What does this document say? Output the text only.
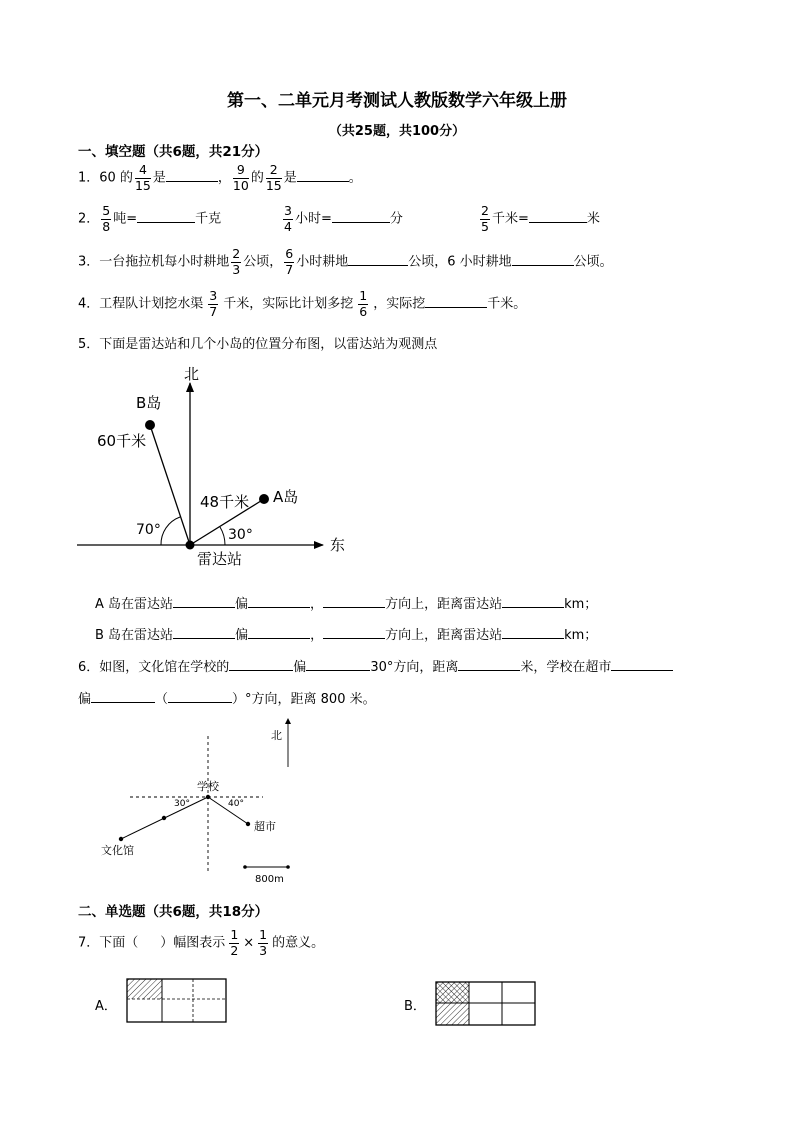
第一、二单元月考测试人教版数学六年级上册
（共25题，共100分）
一、填空题（共6题，共21分）
1．60 的 $\frac{4}{15}$ 是	， $\frac{9}{10}$ 的 $\frac{2}{15}$ 是	。
2． $\frac{5}{8}$ 吨=	千克	$\frac{3}{4}$ 小时=	分	$\frac{2}{5}$ 千米=	米
3．一台拖拉机每小时耕地 $\frac{2}{3}$ 公顷， $\frac{6}{7}$ 小时耕地	公顷，6 小时耕地	公顷。
4．工程队计划挖水渠 $\frac{3}{7}$ 千米，实际比计划多挖 $\frac{1}{6}$ ，实际挖	千米。
5．下面是雷达站和几个小岛的位置分布图，以雷达站为观测点
北
东
B岛
60千米
48千米 A岛
70°	30°
雷达站
A 岛在雷达站	偏	，	方向上，距离雷达站	km；
B 岛在雷达站	偏	，	方向上，距离雷达站	km；
6．如图，文化馆在学校的	偏	30°方向，距离	米，学校在超市
偏	（	）°方向，距离 800 米。
北
学校
30°	40°
超市
文化馆
800m
二、单选题（共6题，共18分）
7．下面（ ）幅图表示 $\frac{1}{2} \times \frac{1}{3}$ 的意义。
A．	B．
